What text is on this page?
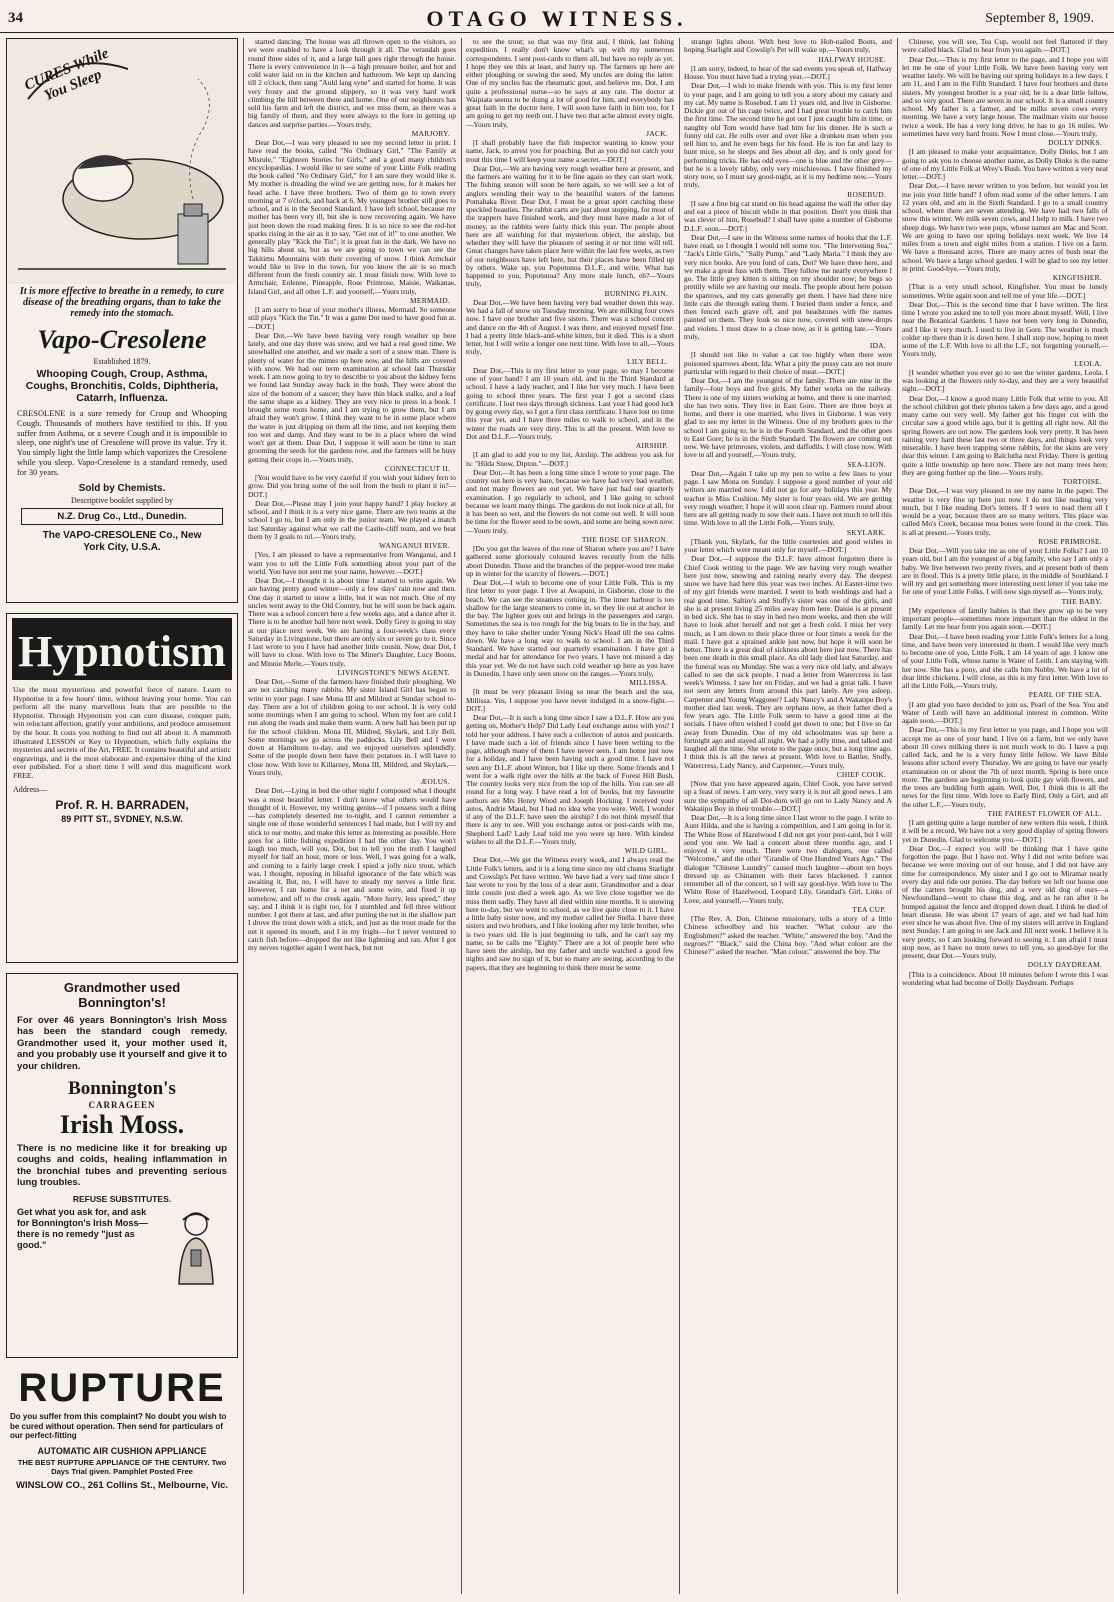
34	OTAGO WITNESS.	September 8, 1909.
CURES While You Sleep
It is more effective to breathe in a remedy, to cure disease of the breathing organs, than to take the remedy into the stomach.
Vapo-Cresolene
Established 1879.
Whooping Cough, Croup, Asthma, Coughs, Bronchitis, Colds, Diphtheria, Catarrh, Influenza.
CRESOLENE is a sure remedy for Croup and Whooping Cough. Thousands of mothers have testified to this. If you suffer from Asthma, or a severe Cough and it is impossible to sleep, one night's use of Cresolene will prove its value. Try it. You simply light the little lamp which vaporizes the Cresolene while you sleep. Vapo-Cresolene is a standard remedy, used for 30 years.
Sold by Chemists.
Descriptive booklet supplied by
N.Z. Drug Co., Ltd., Dunedin.
The VAPO-CRESOLENE Co., New York City, U.S.A.
Hypnotism
Use the most mysterious and powerful force of nature. Learn to Hypnotise in a few hours' time, without leaving your home. You can perform all the many marvellous feats that are possible to the Hypnotist. Through Hypnotism you can cure disease, conquer pain, win reluctant affection, gratify your ambitions, and produce amusement by the hour. It costs you nothing to find out all about it. A mammoth illustrated LESSON or Key to Hypnotism, which fully explains the mysteries and secrets of the Art, FREE. It contains beautiful and artistic engravings, and is the most elaborate and expensive thing of the kind ever published. For a short time I will send this magnificent work FREE.
Address—
Prof. R. H. BARRADEN,
89 PITT ST., SYDNEY, N.S.W.
Grandmother used Bonnington's!
For over 46 years Bonnington's Irish Moss has been the standard cough remedy. Grandmother used it, your mother used it, and you probably use it yourself and give it to your children.
Bonnington's
CARRAGEEN
Irish Moss.
There is no medicine like it for breaking up coughs and colds, healing inflammation in the bronchial tubes and preventing serious lung troubles.
REFUSE SUBSTITUTES.
Get what you ask for, and ask for Bonnington's Irish Moss—there is no remedy "just as good."
RUPTURE
Do you suffer from this complaint? No doubt you wish to be cured without operation. Then send for particulars of our perfect-fitting
AUTOMATIC AIR CUSHION APPLIANCE
THE BEST RUPTURE APPLIANCE OF THE CENTURY. Two Days Trial given. Pamphlet Posted Free
WINSLOW CO., 261 Collins St., Melbourne, Vic.

started dancing. The house was all thrown open to the visitors, so we were enabled to have a look through it all. The verandah goes round three sides of it, and a large hall goes right through the house. There is every convenience in it—a high pressure boiler, and hot and cold water laid on in the kitchen and bathroom. We kept up dancing till 2 o'clock, then sang "Auld lang syne" and started for home. It was very frosty and the ground slippery, so it was very hard work climbing the hill between there and home. One of our neighbours has sold his farm and left the district, and we miss them, as there was a big family of them, and they were always to the fore in getting up dances and surprise parties.—Yours truly,

MARJORY.

Dear Dot,—I was very pleased to see my second letter in print. I have read the books, called "No Ordinary Girl," "The Family at Misrule," "Eighteen Stories for Girls," and a good many children's encyclopædias. I would like to see some of your Little Folk reading the book called "No Ordinary Girl," for I am sure they would like it. My mother is dreading the wind we are getting now, for it makes her head ache. I have three brothers. Two of them go to town every morning at 7 o'clock, and back at 6. My youngest brother still goes to school, and is in the Second Standard. I have left school, because my mother has been very ill, but she is now recovering again. We have just been down the road making fires. It is so nice to see the red-hot sparks rising in the air as it to say, "Get out of it!" to one another. We generally play "Kick the Tin"; it is great fun in the dark. We have no big hills about us, but as we are going to town we can see the Takitimu Mountains with their covering of snow. I think Armchair would like to live in the town, for you know the air is so much different from the fresh country air. I must finish now. With love to Armchair, Enlenne, Pineapple, Rose Primrose, Maisie, Waikanae, Island Girl, and all other L.F. and yourself,—Yours truly,

MERMAID.

[I am sorry to hear of your mother's illness, Mermaid. So someone still plays "Kick the Tin." It was a game Dot used to have good fun at.—DOT.]

Dear Dot,—We have been having very rough weather up here lately, and one day there was snow, and we had a real good time. We snowballed one another, and we made a sort of a snow man. There is plenty of water for the mimes up here now, and the hills are covered with snow. We had our term examination at school last Thursday week. I am now going to try to describe to you about the kidney ferns we found last Sunday away back in the bush. They were about the size of the bottom of a saucer; they have thin black stalks, and a leaf the same shape as a kidney. They are very nice to press in a book. I brought some roots home, and I am trying to grow them, but I am afraid they won't grow. I think they want to be in some place where the water is just dripping on them all the time, and not keeping them too wet and damp. And they want to be in a place where the wind won't get at them. Dear Dot, I suppose it will soon be time to start grooming the seeds for the gardens now, and the farmers will be busy getting their crops in.—Yours truly,

CONNECTICUT II.

[You would have to be very careful if you wish your kidney fern to grow. Did you bring some of the soil from the bush to plant it in?—DOT.]

Dear Dot,—Please may I join your happy band? I play hockey at school, and I think it is a very nice game. There are two teams at the school I go to, but I am only in the junior team. We played a match last Saturday against what we call the Castle-cliff team, and we beat them by 3 goals to nil.—Yours truly,

WANGANUI RIVER.

[Yes, I am pleased to have a representative from Wanganui, and I want you to tell the Little Folk something about your part of the world. You have not sent me your name, however.—DOT.]

Dear Dot,—I thought it is about time I started to write again. We are having pretty good winter—only a few days' rain now and then. One day it started to snow a little, but it was not much. One of my uncles went away to the Old Country, but he will soon be back again. There was a school concert here a few weeks ago, and a dance after it. There is to be another ball here next week. Dolly Grey is going to stay at our place next week. We are having a four-week's class every Saturday in Livingstone, but there are only six or seven go to it. Since I last wrote to you I have had another little cousin. Now, dear Dot, I will have to close. With love to The Miner's Daughter, Lucy Boons, and Minnie Merle,—Yours truly,

LIVINGSTONE'S NEWS AGENT.

Dear Dot,—Some of the farmers have finished their ploughing. We are not catching many rabbits. My sister Island Girl has begun to write to your page. I saw Mona III and Mildred at Sunday school to-day. There are a lot of children going to our school. It is very cold some mornings when I am going to school. When my feet are cold I run along the roads and make them warm. A new hall has been put up for the school children. Mona III, Mildred, Skylark, and Lily Bell. Some mornings we go across the paddocks. Lily Bell and I were down at Hamiltons to-day, and we enjoyed ourselves splendidly. Some of the people down here have their potatoes in. I will have to close now. With love to Killarney, Mona III, Mildred, and Skylark,—Yours truly,

ÆOLUS.

Dear Dot,—Lying in bed the other night I composed what I thought was a most beautiful letter. I don't know what others would have thought of it. However, my writing genius—if I possess such a thing—has completely deserted me to-night, and I cannot remember a single one of those wonderful sentences I had made, but I will try and stick to our motto, and make this letter as interesting as possible. Here goes for a little fishing expedition I had the other day. You won't laugh too much, will you, Dot, but to tell you the truth I laughed myself for half an hour, more or less. Well, I was going for a walk, and coming to a fairly large creek I spied a jolly nice trout, which was, I thought, reposing in blissful ignorance of the fate which was awaiting it. But, no, I will have to steady my nerves a little first. However, I ran home for a net and some wire, and fixed it up somehow, and off to the creek again. "More hurry, less speed," they say, and I think it is right too, for I stumbled and fell three without number. I got there at last, and after putting the net in the shallow part I drove the trout down with a stick, and just as the trout made for the net it opened its mouth, and I in my fright—for I never ventured to catch fish before—dropped the net like lightning and ran. After I got my nerves together again I went back, but not

to see the trout; so that was my first and, I think, last fishing expedition. I really don't know what's up with my numerous correspondents. I sent post-cards to them all, but have no reply as yet. I hope they see this at least, and hurry up. The farmers up here are either ploughing or sowing the seed. My uncles are doing the latter. One of my uncles has the rheumatic gout, and believe me, Dot, I am quite a professional nurse—so he says at any rate. The doctor at Waipiata seems to be doing a lot of good for him, and everybody has great faith in the doctor here. I will soon have faith in him too, for I am going to get my teeth out. I have two that ache almost every night.—Yours truly,

JACK.

[I shall probably have the fish inspector wanting to know your name, Jack, to arrest you for poaching. But as you did not catch your trout this time I will keep your name a secret.—DOT.]

Dear Dot,—We are having very rough weather here at present, and the farmers are waiting for it to be fine again so they can start work. The fishing season will soon be here again, so we will see a lot of anglers wending their way to the beautiful waters of the famous Pomahaka River. Dear Dot, I must be a great sport catching these speckled beauties. The rabbit carts are just about stopping, for most of the trappers have finished work, and they must have made a lot of money, as the rabbits were fairly thick this year. The people about here are all watching for that mysterious object, the airship, but whether they will have the pleasure of seeing it or not time will tell. Great changes have taken place here within the last few weeks, as two of our neighbours have left here, but their places have been filled up by others. Wake up, you Popotunoa D.L.F., and write. What has happened to you, Popotunoa? Any more stale lunch, eh?—Yours truly,

BURNING PLAIN.

Dear Dot,—We have been having very bad weather down this way. We had a fall of snow on Tuesday morning. We are milking four cows now. I have one brother and five sisters. There was a school concert and dance on the 4th of August. I was there, and enjoyed myself fine. I had a pretty little black-and-white kitten, but it died. This is a short letter, but I will write a longer one next time. With love to all,—Yours truly,

LILY BELL.

Dear Dot,—This is my first letter to your page, so may I become one of your band? I am 10 years old, and in the Third Standard at school. I have a lady teacher, and I like her very much. I have been going to school three years. The first year I got a second class certificate. I lost two days through sickness. Last year I had good luck by going every day, so I got a first class certificate. I have lost no time this year yet, and I have three miles to walk to school, and in the winter the roads are very dirty. This is all the present. With love to Dot and D.L.F.—Yours truly,

AIRSHIP.

[I am glad to add you to my list, Airship. The address you ask for is: "Hilda Snow, Dipton."—DOT.]

Dear Dot,—It has been a long time since I wrote to your page. The country out here is very bare, because we have had very bad weather, and not many flowers are out yet. We have just had our quarterly examination. I go regularly to school, and I like going to school because we learn many things. The gardens do not look nice at all, for it has been so wet, and the flowers do not come out well. It will soon be time for the flower seed to be sown, and some are being sown now.—Yours truly,

THE ROSE OF SHARON.

[Do you get the leaves of the rose of Sharon where you are? I have gathered some gloriously coloured leaves recently from the hills about Dunedin. Those and the branches of the pepper-wood tree make up in winter for the scarcity of flowers.—DOT.]

Dear Dot,—I wish to become one of your Little Folk. This is my first letter to your page. I live at Awapuni, in Gisborne, close to the beach. We can see the steamers coming in. The inner harbour is too shallow for the large steamers to come in, so they lie out at anchor in the bay. The lighter goes out and brings in the passengers and cargo. Sometimes the sea is too rough for the big boats to lie in the bay, and they have to take shelter under Young Nick's Head till the sea calms down. We have a long way to walk to school. I am in the Third Standard. We have started our quarterly examination. I have got a medal and bar for attendance for two years. I have not missed a day this year yet. We do not have such cold weather up here as you have in Dunedin. I have only seen snow on the ranges.—Yours truly,

MILLISSA.

[It must be very pleasant living so near the beach and the sea, Millissa. Yes, I suppose you have never indulged in a snow-fight.—DOT.]

Dear Dot,—It is such a long time since I saw a D.L.F. How are you getting on, Mother's Help? Did Lady Leaf exchange autos with you? I told her your address. I have such a collection of autos and postcards. I have made such a lot of friends since I have been writing to the page, although many of them I have never seen. I am home just now for a holiday, and I have been having such a good time. I have not seen any D.L.F. about Winton, but I like up there. Some friends and I went for a walk right over the hills at the back of Forest Hill Bush. The country looks very nice from the top of the hills. You can see all round for a long way. I have read a lot of books, but my favourite authors are Mrs Henry Wood and Joseph Hocking. I received your autos, Andrie Maud, but I had no idea who you were. Well, I wonder if any of the D.L.F. have seen the airship? I do not think myself that there is any to see. Will you exchange autos or post-cards with me, Shepherd Lad? Lady Leaf told me you were up here. With kindest wishes to all the D.L.F.—Yours truly,

WILD GIRL.

Dear Dot,—We get the Witness every week, and I always read the Little Folk's letters, and it is a long time since my old chums Starlight and Cowslip's Pet have written. We have had a very sad time since I last wrote to you by the loss of a dear aunt. Grandmother and a dear little cousin just died a week ago. As we live close together we do miss them sadly. They have all died within nine months. It is snowing here to-day, but we went to school, as we live quite close to it. I have a little baby sister now, and my mother called her Stella. I have three sisters and two brothers, and I like looking after my little brother, who is two years old. He is just beginning to talk, and he can't say my name, so he calls me "Eighty." There are a lot of people here who have seen the airship, but my father and uncle watched a good few nights and saw no sign of it, but so many are seeing, according to the papers, that they are beginning to think there must be some

strange lights about. With best love to Hob-nailed Boots, and hoping Starlight and Cowslip's Pet will wake up,—Yours truly,

HALFWAY HOUSE.

[I am sorry, indeed, to hear of the sad events you speak of, Halfway House. You must have had a trying year.—DOT.]

Dear Dot,—I wish to make friends with you. This is my first letter to your page, and I am going to tell you a story about my canary and my cat. My name is Rosebud. I am 11 years old, and live in Gisborne. Dickie got out of his cage twice, and I had great trouble to catch him the first time. The second time he got out I just caught him in time, or naughty old Tom would have had him for his dinner. He is such a funny old cat. He rolls over and over like a drunken man when you tell him to, and he even begs for his food. He is too fat and lazy to hunt mice, so he sleeps and lies about all day, and is only good for performing tricks. He has odd eyes—one is blue and the other grey—but he is a lovely tabby, only very mischievous. I have finished my story now, so I must say good-night, as it is my bedtime now.—Yours truly,

ROSEBUD.

[I saw a fine big cat stand on his head against the wall the other day and eat a piece of biscuit while in that position. Don't you think that was clever of him, Rosebud? I shall have quite a number of Gisborne D.L.F. soon.—DOT.]

Dear Dot,—I saw in the Witness some names of books that the L.F. have read, so I thought I would tell some too. "The Intervening Sea," "Jack's Little Girls," "Sally Pump," and "Lady Maria." I think they are very nice books. Are you fond of cats, Dot? We have three here, and we make a great fuss with them. They follow me nearly everywhere I go. The little grey kitten is sitting on my shoulder now; he begs so prettily while we are having our meals. The people about here poison the sparrows, and my cats generally get them. I have had three nice little cats die through eating them. I buried them under a fence, and then fenced each grave off, and put headstones with the names painted on them. They look so nice now, covered with snow-drops and violets. I must draw to a close now, as it is getting late.—Yours truly,

IDA.

[I should not like to value a cat too highly when there were poisoned sparrows about, Ida. What a pity the pussy cats are not more particular with regard to their choice of meat.—DOT.]

Dear Dot,—I am the youngest of the family. There are nine in the family—four boys and five girls. My father works on the railway. There is one of my sisters working at home, and there is one married; she has two sons. They live in East Gore. There are three boys at home, and there is one married, who lives in Gisborne. I was very glad to see my letter in the Witness. One of my brothers goes to the school I am going to; he is in the Fourth Standard, and the other goes to East Gore; he is in the Sixth Standard. The flowers are coming out now. We have primroses, violets, and daffodils. I will close now. With love to all and yourself,—Yours truly,

SEA-LION.

Dear Dot,—Again I take up my pen to write a few lines to your page. I saw Mona on Sunday. I suppose a good number of your old writers are married now. I did not go for any holidays this year. My teacher is Miss Cushion. My sister is four years old. We are getting very rough weather; I hope it will soon clear up. Farmers round about here are all getting ready to sow their oats. I have not much to tell this time. With love to all the Little Folk,—Yours truly,

SKYLARK.

[Thank you, Skylark, for the little courtesies and good wishes in your letter which were meant only for myself.—DOT.]

Dear Dot,—I suppose the D.L.F. have almost forgotten there is Chief Cook writing to the page. We are having very rough weather here just now, snowing and raining nearly every day. The deepest snow we have had here this year was two inches. At Easter-time two of my girl friends were married. I went to both weddings and had a real good time. Saltire's and Stuffy's sister was one of the girls, and she is at present living 25 miles away from here. Daisie is at present in bed sick. She has to stay in bed two more weeks, and then she will have to look after herself and not get a fresh cold. I miss her very much, as I am down to their place three or four times a week for the mail. I have got a sprained ankle just now, but hope it will soon be better. There is a great deal of sickness about here just now. There has been one death in this small place. An old lady died last Saturday, and the funeral was on Monday. She was a very nice old lady, and always called to see the sick people. I read a letter from Watercress in last week's Witness. I saw her on Friday, and we had a great talk. I have not seen any letters from around this part lately. Are you asleep, Carpenter and Young Waggoner? Lady Nancy's and A Wakatipu Boy's mother died last week. They are orphans now, as their father died a few years ago. The Little Folk seem to have a good time at the socials. I have often wished I could get down to one; but I live so far away from Dunedin. One of my old schoolmates was up here a fortnight ago and stayed all night. We had a jolly time, and talked and laughed all the time. She wrote to the page once, but a long time ago. I think this is all the news at present. With love to Battler, Stuffy, Watercress, Lady Nancy, and Carpenter,—Yours truly,

CHIEF COOK.

[Now that you have appeared again, Chief Cook, you have served up a feast of news. I am very, very sorry it is not all good news. I am sure the sympathy of all Dot-dom will go out to Lady Nancy and A Wakatipu Boy in their trouble.—DOT.]

Dear Dot,—It is a long time since I last wrote to the page. I write to Aunt Hilda, and she is having a competition, and I am going in for it. The White Rose of Hazelwood I did not get your post-card, but I will send you one. We had a concert about three months ago, and I enjoyed it very much. There were two dialogues, one called "Welcome," and the other "Grandie of One Hundred Years Ago." The dialogue "Chinese Laundry" caused much laughter—about ten boys dressed up as Chinamen with their faces blackened. I cannot remember all of the concert, so I will say good-bye. With love to The White Rose of Hazelwood, Leopard Lily, Grandad's Girl, Links of Love, and yourself,—Yours truly,

TEA CUP.

[The Rev. A. Don, Chinese missionary, tells a story of a little Chinese schoolboy and his teacher. "What colour are the Englishmen?" asked the teacher. "White," answered the boy. "And the negroes?" "Black," said the China boy. "And what colour are the Chinese?" asked the teacher. "Man colour," answered the boy. The

Chinese, you will see, Tea Cup, would not feel flattered if they were called black. Glad to hear from you again.—DOT.]

Dear Dot,—This is my first letter to the page, and I hope you will let me be one of your Little Folk. We have been having very wet weather lately. We will be having our spring holidays in a few days. I am 11, and I am in the Fifth Standard. I have four brothers and three sisters. My youngest brother is a year old; he is a dear little fellow, and so very good. There are seven in our school. It is a small country school. My father is a farmer, and he milks seven cows every morning. We have a very large house. The mailman visits our house twice a week. He has a very long drive; he has to go 16 miles. We sometimes have very hard frosts. Now I must close.—Yours truly,

DOLLY DINKS.

[I am pleased to make your acquaintance, Dolly Dinks, but I am going to ask you to choose another name, as Dolly Dinks is the name of one of my Little Folk at Wrey's Bush. You have written a very neat letter.—DOT.]

Dear Dot,—I have never written to you before, but would you let me join your little band? I often read some of the other letters. I am 12 years old, and am in the Sixth Standard. I go to a small country school, where there are seven attending. We have had two falls of snow this winter. We milk seven cows, and I help to milk. I have two sheep dogs. We have two wee pups, whose names are Mac and Scott. We are going to have our spring holidays next week. We live 14 miles from a town and eight miles from a station. I live on a farm. We have a thousand acres. There are many acres of bush near the school. We have a large school garden. I will be glad to see my letter in print. Good-bye.—Yours truly,

KINGFISHER.

[That is a very small school, Kingfisher. You must be lonely sometimes. Write again soon and tell me of your life.—DOT.]

Dear Dot,—This is the second time that I have written. The first time I wrote you asked me to tell you more about myself. Well, I live near the Botanical Gardens. I have not been very long in Dunedin, and I like it very much. I used to live in Gore. The weather is much colder up there than it is down here. I shall stop now, hoping to meet some of the L.F. With love to all the L.F., not forgetting yourself,—Yours truly,

LEOLA.

[I wonder whether you ever go to see the winter gardens, Leola. I was looking at the flowers only to-day, and they are a very beautiful sight.—DOT.]

Dear Dot,—I know a good many Little Folk that write to you. All the school children got their photos taken a few days ago, and a good many came out very well. My father got his finger cut with the circular saw a good while ago, but it is getting all right now. All the spring flowers are out now. The gardens look very pretty. It has been raining very hard these last two or three days, and things look very miserable. I have been trapping some rabbits, for the skins are very dear this winter. I am going to Balclutha next Friday. There is getting quite a little township up here now. There are not many trees here; they are going further up the line.—Yours truly,

TORTOISE.

Dear Dot,—I was very pleased to see my name in the paper. The weather is very fine up here just now. I do not like reading very much, but I like reading Dot's letters. If I were to read them all I would be a year, because there are so many writers. This place was called Mo's Creek, because moa bones were found in the creek. This is all at present.—Yours truly,

ROSE PRIMROSE.

Dear Dot,—Will you take me as one of your Little Folks? I am 10 years old, but I am the youngest of a big family, who say I am only a baby. We live between two pretty rivers, and at present both of them are in flood. This is a pretty little place, in the middle of Southland. I will try and get something more interesting next letter if you take me for one of your Little Folks. I will now sign myself as—Yours truly,

THE BABY.

[My experience of family babies is that they grow up to be very important people—sometimes more important than the oldest in the family. Let me hear from you again soon.—DOT.]

Dear Dot,—I have been reading your Little Folk's letters for a long time, and have been very interested in them. I would like very much to become one of you, Little Folk. I am 14 years of age. I know one of your Little Folk, whose name is Water of Leith. I am staying with her now. She has a pony, and she calls him Nobby. We have a lot of dear little chickens. I will close, as this is my first letter. With love to all the Little Folk,—Yours truly,

PEARL OF THE SEA.

[I am glad you have decided to join us, Pearl of the Sea. You and Water of Leith will have an additional interest in common. Write again soon.—DOT.]

Dear Dot,—This is my first letter to you page, and I hope you will accept me as one of your band. I live on a farm, but we only have about 10 cows milking there is not much work to do. I have a pup called Jack, and he is a very funny little fellow. We have Bible lessons after school every Thursday. We are going to have our yearly examination on or about the 7th of next month. Spring is here once more. The gardens are beginning to look quite gay with flowers, and the trees are budding forth again. Well, Dot, I think this is all the news for the first time. With love to Early Bird, Only a Girl, and all the other L.F.,—Yours truly,

THE FAIREST FLOWER OF ALL.

[I am getting quite a large number of new writers this week. I think it will be a record. We have not a very good display of spring flowers yet in Dunedin. Glad to welcome you.—DOT.]

Dear Dot,—I expect you will be thinking that I have quite forgotten the page. But I have not. Why I did not write before was because we were moving out of our house, and I did not have any time for correspondence. My sister and I go out to Miramar nearly every day and ride our ponies. The day before we left our house one of the carters brought his dog, and a very old dog of ours—a Newfoundland—went to chase this dog, and as he ran after it he bumped against the fence and dropped down dead. I think he died of heart disease. He was about 17 years of age, and we had had him ever since he was about five. One of my sisters will arrive in England next Sunday. I am going to see Jack and Jill next week. I believe it is very pretty, so I am looking forward to seeing it. I am afraid I must stop now, as I have no more news to tell you, so good-bye for the present, dear Dot.—Yours truly,

DOLLY DAYDREAM.

[This is a coincidence. About 10 minutes before I wrote this I was wondering what had become of Dolly Daydream. Perhaps
